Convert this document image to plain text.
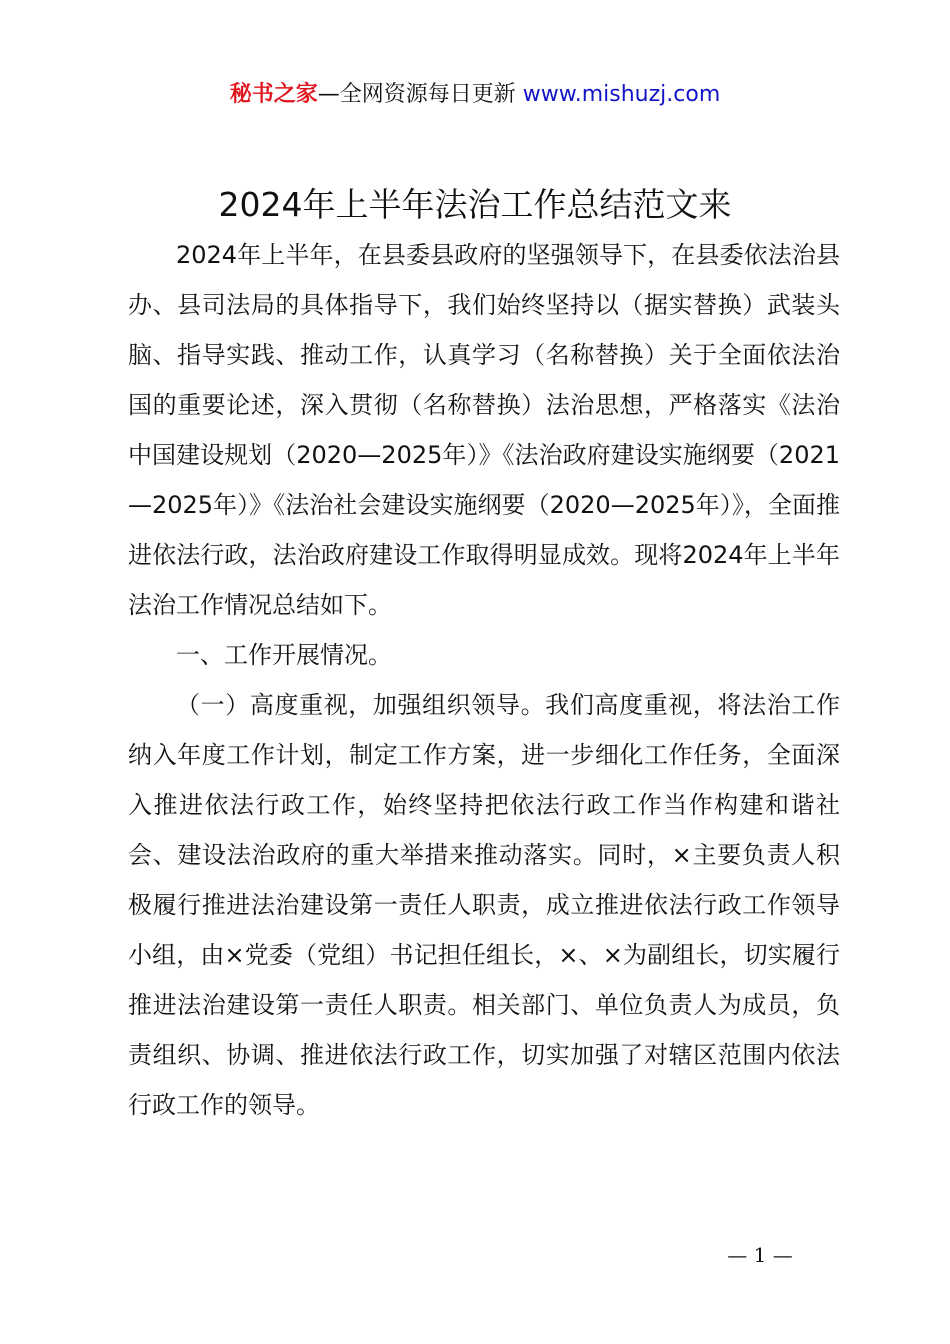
秘书之家—全网资源每日更新 www.mishuzj.com
2024年上半年法治工作总结范文来

2024年上半年，在县委县政府的坚强领导下，在县委依法治县办、县司法局的具体指导下，我们始终坚持以（据实替换）武装头脑、指导实践、推动工作，认真学习（名称替换）关于全面依法治国的重要论述，深入贯彻（名称替换）法治思想，严格落实《法治中国建设规划（2020—2025年）》《法治政府建设实施纲要（2021—2025年）》《法治社会建设实施纲要（2020—2025年）》，全面推进依法行政，法治政府建设工作取得明显成效。现将2024年上半年法治工作情况总结如下。

一、工作开展情况。

（一）高度重视，加强组织领导。我们高度重视，将法治工作纳入年度工作计划，制定工作方案，进一步细化工作任务，全面深入推进依法行政工作，始终坚持把依法行政工作当作构建和谐社会、建设法治政府的重大举措来推动落实。同时，×主要负责人积极履行推进法治建设第一责任人职责，成立推进依法行政工作领导小组，由×党委（党组）书记担任组长，×、×为副组长，切实履行推进法治建设第一责任人职责。相关部门、单位负责人为成员，负责组织、协调、推进依法行政工作，切实加强了对辖区范围内依法行政工作的领导。

— 1 —
